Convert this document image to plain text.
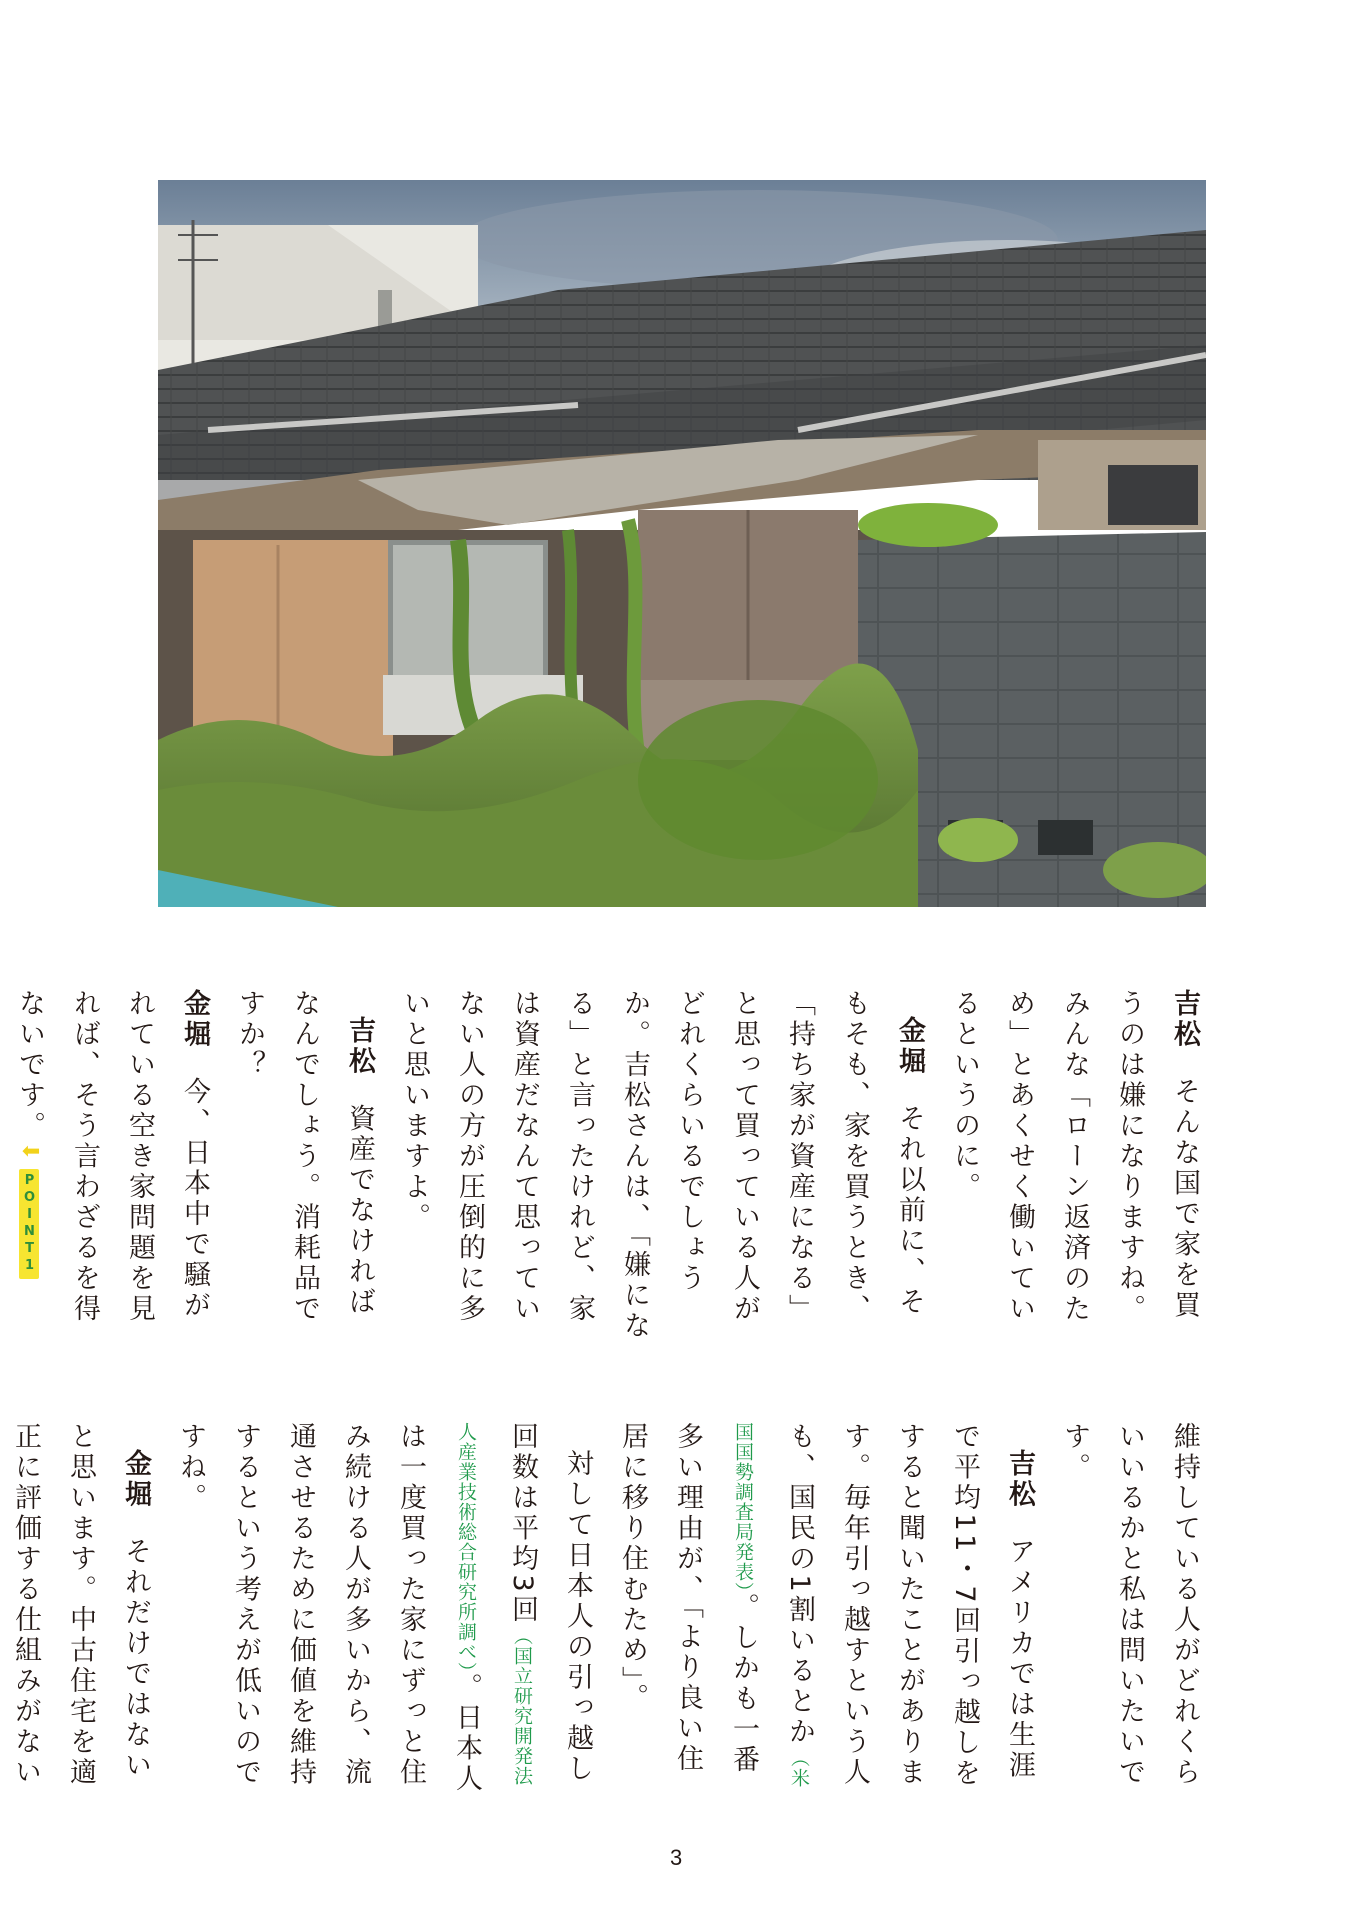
吉松そんな国で家を買うのは嫌になりますね。みんな「ローン返済のため」とあくせく働いているというのに。

金堀それ以前に、そもそも、家を買うとき、「持ち家が資産になる」と思って買っている人がどれくらいるでしょうか。吉松さんは、「嫌になる」と言ったけれど、家は資産だなんて思っていない人の方が圧倒的に多いと思いますよ。

吉松資産でなければなんでしょう。消耗品ですか？

金堀今、日本中で騒がれている空き家問題を見れば、そう言わざるを得ないです。⬇POINT1

維持している人がどれくらいいるかと私は問いたいです。

吉松アメリカでは生涯で平均11・7回引っ越しをすると聞いたことがあります。毎年引っ越すという人も、国民の1割いるとか（米国国勢調査局発表）。しかも一番多い理由が、「より良い住居に移り住むため」。

対して日本人の引っ越し回数は平均3回（国立研究開発法人産業技術総合研究所調べ）。日本人は一度買った家にずっと住み続ける人が多いから、流通させるために価値を維持するという考えが低いのですね。

金堀それだけではないと思います。中古住宅を適正に評価する仕組みがない

3
